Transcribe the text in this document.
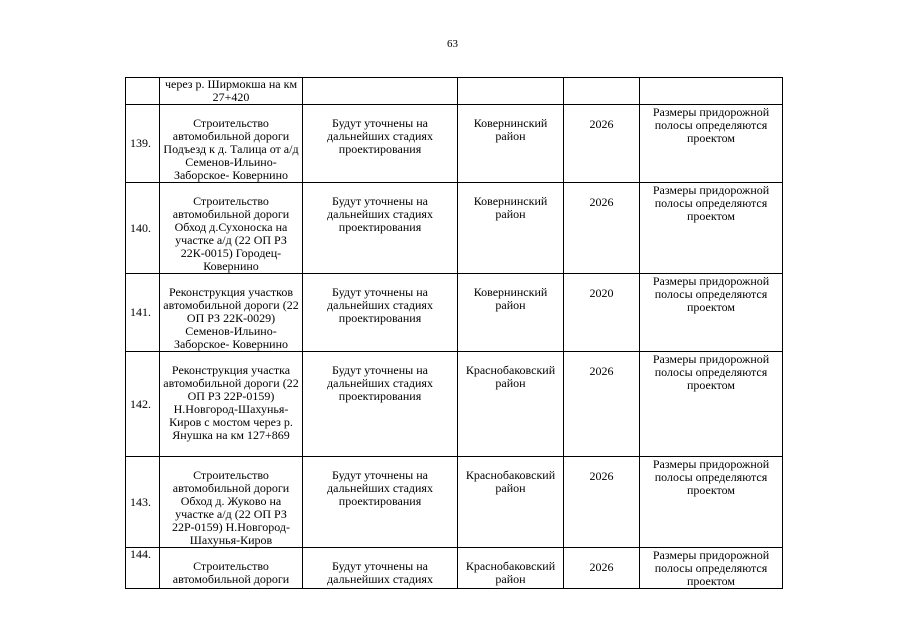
63
	через р. Ширмокша на км 27+420				
139.	Строительство автомобильной дороги Подъезд к д. Талица от а/д Семенов-Ильино-Заборское- Ковернино	Будут уточнены на дальнейших стадиях проектирования	Ковернинский район	2026	Размеры придорожной полосы определяются проектом
140.	Строительство автомобильной дороги Обход д.Сухоноска на участке а/д (22 ОП РЗ 22К-0015) Городец-Ковернино	Будут уточнены на дальнейших стадиях проектирования	Ковернинский район	2026	Размеры придорожной полосы определяются проектом
141.	Реконструкция участков автомобильной дороги (22 ОП РЗ 22К-0029) Семенов-Ильино-Заборское- Ковернино	Будут уточнены на дальнейших стадиях проектирования	Ковернинский район	2020	Размеры придорожной полосы определяются проектом
142.	Реконструкция участка автомобильной дороги (22 ОП РЗ 22Р-0159) Н.Новгород-Шахунья-Киров с мостом через р. Янушка на км 127+869	Будут уточнены на дальнейших стадиях проектирования	Краснобаковский район	2026	Размеры придорожной полосы определяются проектом
143.	Строительство автомобильной дороги Обход д. Жуково на участке а/д (22 ОП РЗ 22Р-0159) Н.Новгород-Шахунья-Киров	Будут уточнены на дальнейших стадиях проектирования	Краснобаковский район	2026	Размеры придорожной полосы определяются проектом
144.	Строительство автомобильной дороги	Будут уточнены на дальнейших стадиях	Краснобаковский район	2026	Размеры придорожной полосы определяются проектом
